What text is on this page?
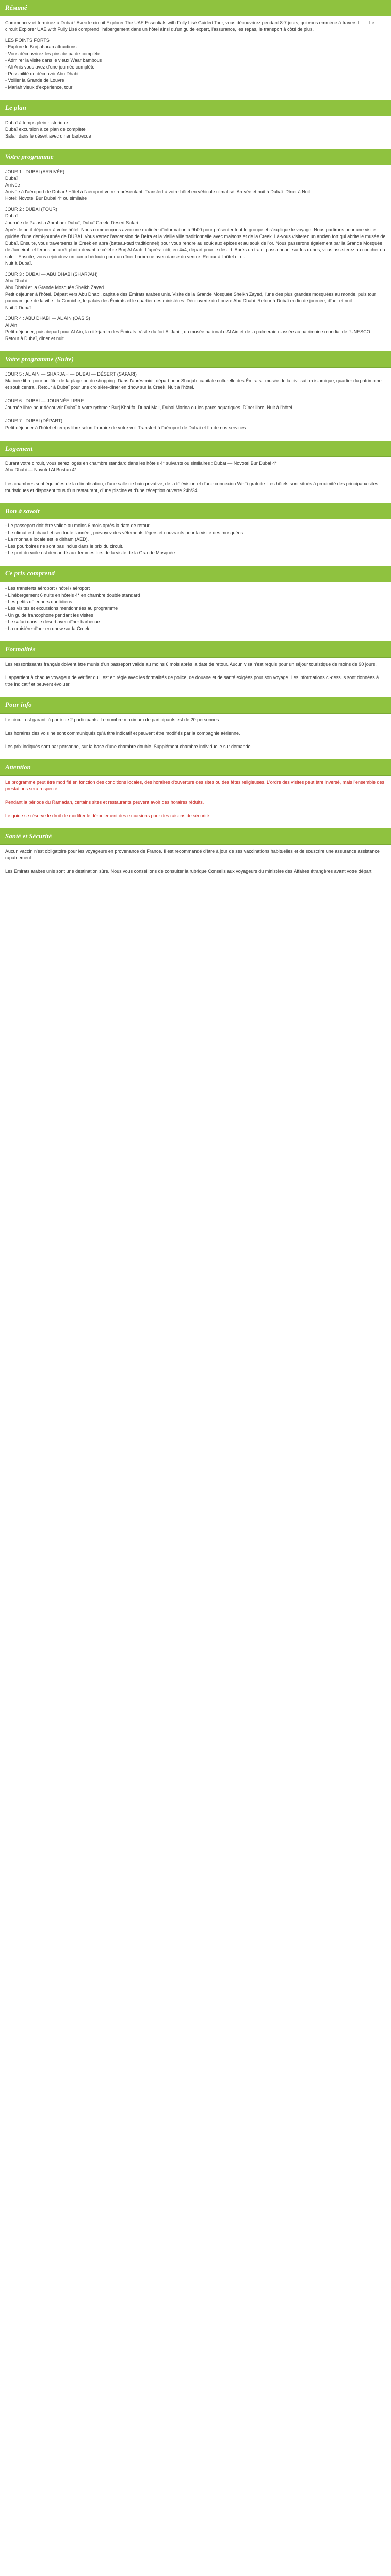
Résumé

Commencez et terminez à Dubaï ! Avec le circuit Explorer The UAE Essentials with Fully Lisé Guided Tour, vous découvrirez pendant 8-7 jours, qui vous emmène à travers l... ... Le circuit Explorer UAE with Fully Lisé comprend l'hébergement dans un hôtel ainsi qu'un guide expert, l'assurance, les repas, le transport à côté de plus.

LES POINTS FORTS
- Explore le Burj al-arab attractions
- Vous découvrirez les pins de pa de complète
- Admirer la visite dans le vieux Waar bambous
- Ali Anis vous avez d'une journée complète
- Possibilité de découvrir Abu Dhabi
- Voilier la Grande de Louvre
- Mariah vieux d'expérience, tour

Le plan

Dubaï à temps plein historique
Dubaï excursion à ce plan de complète
Safari dans le désert avec diner barbecue

Votre programme

JOUR 1 : DUBAI (ARRIVÉE)
Dubaï
Arrivée
Arrivée à l'aéroport de Dubaï ! Hôtel à l'aéroport votre représentant. Transfert à votre hôtel en véhicule climatisé. Arrivée et nuit à Dubaï. Dîner à Nuit.
Hotel: Novotel Bur Dubai 4* ou similaire

JOUR 2 : DUBAI (TOUR)
Dubaï
Journée de Palastia Abraham Dubaï, Dubaï Creek, Desert Safari
Après le petit déjeuner à votre hôtel. Nous commençons avec une matinée d'information à 9h00 pour présenter tout le groupe et s'explique le voyage. Nous partirons pour une visite guidée d'une demi-journée de DUBAI. Vous verrez l'ascension de Deira et la vieille ville traditionnelle avec maisons et de la Creek. Là-vous visiterez un ancien fort qui abrite le musée de Dubaï. Ensuite, vous traverserez la Creek en abra (bateau-taxi traditionnel) pour vous rendre au souk aux épices et au souk de l'or. Nous passerons également par la Grande Mosquée de Jumeirah et ferons un arrêt photo devant le célèbre Burj Al Arab. L'après-midi, en 4x4, départ pour le désert. Après un trajet passionnant sur les dunes, vous assisterez au coucher du soleil. Ensuite, vous rejoindrez un camp bédouin pour un dîner barbecue avec danse du ventre. Retour à l'hôtel et nuit.
Nuit à Dubaï.

JOUR 3 : DUBAI — ABU DHABI (SHARJAH)
Abu Dhabi
Abu Dhabi et la Grande Mosquée Sheikh Zayed
Petit déjeuner à l'hôtel. Départ vers Abu Dhabi, capitale des Émirats arabes unis. Visite de la Grande Mosquée Sheikh Zayed, l'une des plus grandes mosquées au monde, puis tour panoramique de la ville : la Corniche, le palais des Émirats et le quartier des ministères. Découverte du Louvre Abu Dhabi. Retour à Dubaï en fin de journée, dîner et nuit.
Nuit à Dubaï.

JOUR 4 : ABU DHABI — AL AIN (OASIS)
Al Ain
Petit déjeuner, puis départ pour Al Ain, la cité-jardin des Émirats. Visite du fort Al Jahili, du musée national d'Al Ain et de la palmeraie classée au patrimoine mondial de l'UNESCO. Retour à Dubaï, dîner et nuit.

Votre programme (Suite)

JOUR 5 : AL AIN — SHARJAH — DUBAI — DÉSERT (SAFARI)
Matinée libre pour profiter de la plage ou du shopping. Dans l'après-midi, départ pour Sharjah, capitale culturelle des Émirats : musée de la civilisation islamique, quartier du patrimoine et souk central. Retour à Dubaï pour une croisière-dîner en dhow sur la Creek. Nuit à l'hôtel.

JOUR 6 : DUBAI — JOURNÉE LIBRE
Journée libre pour découvrir Dubaï à votre rythme : Burj Khalifa, Dubai Mall, Dubai Marina ou les parcs aquatiques. Dîner libre. Nuit à l'hôtel.

JOUR 7 : DUBAI (DÉPART)
Petit déjeuner à l'hôtel et temps libre selon l'horaire de votre vol. Transfert à l'aéroport de Dubaï et fin de nos services.

Logement

Durant votre circuit, vous serez logés en chambre standard dans les hôtels 4* suivants ou similaires : Dubaï — Novotel Bur Dubai 4*
Abu Dhabi — Novotel Al Bustan 4*

Les chambres sont équipées de la climatisation, d'une salle de bain privative, de la télévision et d'une connexion Wi-Fi gratuite. Les hôtels sont situés à proximité des principaux sites touristiques et disposent tous d'un restaurant, d'une piscine et d'une réception ouverte 24h/24.

Bon à savoir

- Le passeport doit être valide au moins 6 mois après la date de retour.
- Le climat est chaud et sec toute l'année ; prévoyez des vêtements légers et couvrants pour la visite des mosquées.
- La monnaie locale est le dirham (AED).
- Les pourboires ne sont pas inclus dans le prix du circuit.
- Le port du voile est demandé aux femmes lors de la visite de la Grande Mosquée.

Ce prix comprend

- Les transferts aéroport / hôtel / aéroport
- L'hébergement 6 nuits en hôtels 4* en chambre double standard
- Les petits déjeuners quotidiens
- Les visites et excursions mentionnées au programme
- Un guide francophone pendant les visites
- Le safari dans le désert avec dîner barbecue
- La croisière-dîner en dhow sur la Creek

Formalités

Les ressortissants français doivent être munis d'un passeport valide au moins 6 mois après la date de retour. Aucun visa n'est requis pour un séjour touristique de moins de 90 jours.

Il appartient à chaque voyageur de vérifier qu'il est en règle avec les formalités de police, de douane et de santé exigées pour son voyage. Les informations ci-dessus sont données à titre indicatif et peuvent évoluer.

Pour info

Le circuit est garanti à partir de 2 participants. Le nombre maximum de participants est de 20 personnes.

Les horaires des vols ne sont communiqués qu'à titre indicatif et peuvent être modifiés par la compagnie aérienne.

Les prix indiqués sont par personne, sur la base d'une chambre double. Supplément chambre individuelle sur demande.

Attention

Le programme peut être modifié en fonction des conditions locales, des horaires d'ouverture des sites ou des fêtes religieuses. L'ordre des visites peut être inversé, mais l'ensemble des prestations sera respecté.

Pendant la période du Ramadan, certains sites et restaurants peuvent avoir des horaires réduits.

Le guide se réserve le droit de modifier le déroulement des excursions pour des raisons de sécurité.

Santé et Sécurité

Aucun vaccin n'est obligatoire pour les voyageurs en provenance de France. Il est recommandé d'être à jour de ses vaccinations habituelles et de souscrire une assurance assistance rapatriement.

Les Émirats arabes unis sont une destination sûre. Nous vous conseillons de consulter la rubrique Conseils aux voyageurs du ministère des Affaires étrangères avant votre départ.
